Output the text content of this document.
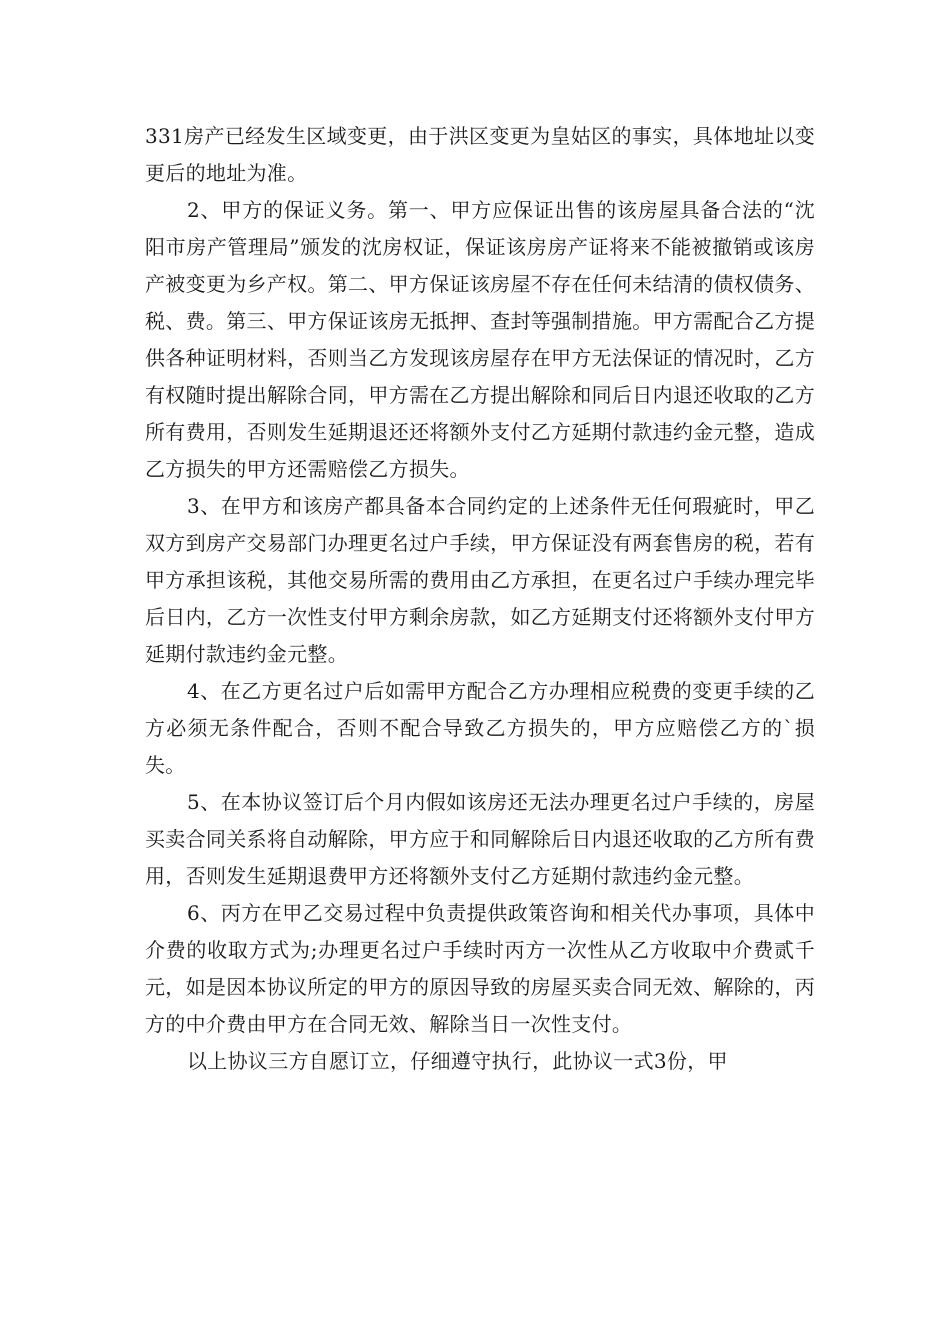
331房产已经发生区域变更，由于洪区变更为皇姑区的事实，具体地址以变更后的地址为准。

2、甲方的保证义务。第一、甲方应保证出售的该房屋具备合法的“沈阳市房产管理局”颁发的沈房权证，保证该房房产证将来不能被撤销或该房产被变更为乡产权。第二、甲方保证该房屋不存在任何未结清的债权债务、税、费。第三、甲方保证该房无抵押、查封等强制措施。甲方需配合乙方提供各种证明材料，否则当乙方发现该房屋存在甲方无法保证的情况时，乙方有权随时提出解除合同，甲方需在乙方提出解除和同后日内退还收取的乙方所有费用，否则发生延期退还还将额外支付乙方延期付款违约金元整，造成乙方损失的甲方还需赔偿乙方损失。

3、在甲方和该房产都具备本合同约定的上述条件无任何瑕疵时，甲乙双方到房产交易部门办理更名过户手续，甲方保证没有两套售房的税，若有甲方承担该税，其他交易所需的费用由乙方承担，在更名过户手续办理完毕后日内，乙方一次性支付甲方剩余房款，如乙方延期支付还将额外支付甲方延期付款违约金元整。

4、在乙方更名过户后如需甲方配合乙方办理相应税费的变更手续的乙方必须无条件配合，否则不配合导致乙方损失的，甲方应赔偿乙方的`损失。

5、在本协议签订后个月内假如该房还无法办理更名过户手续的，房屋买卖合同关系将自动解除，甲方应于和同解除后日内退还收取的乙方所有费用，否则发生延期退费甲方还将额外支付乙方延期付款违约金元整。

6、丙方在甲乙交易过程中负责提供政策咨询和相关代办事项，具体中介费的收取方式为;办理更名过户手续时丙方一次性从乙方收取中介费贰千元，如是因本协议所定的甲方的原因导致的房屋买卖合同无效、解除的，丙方的中介费由甲方在合同无效、解除当日一次性支付。

以上协议三方自愿订立，仔细遵守执行，此协议一式3份，甲
